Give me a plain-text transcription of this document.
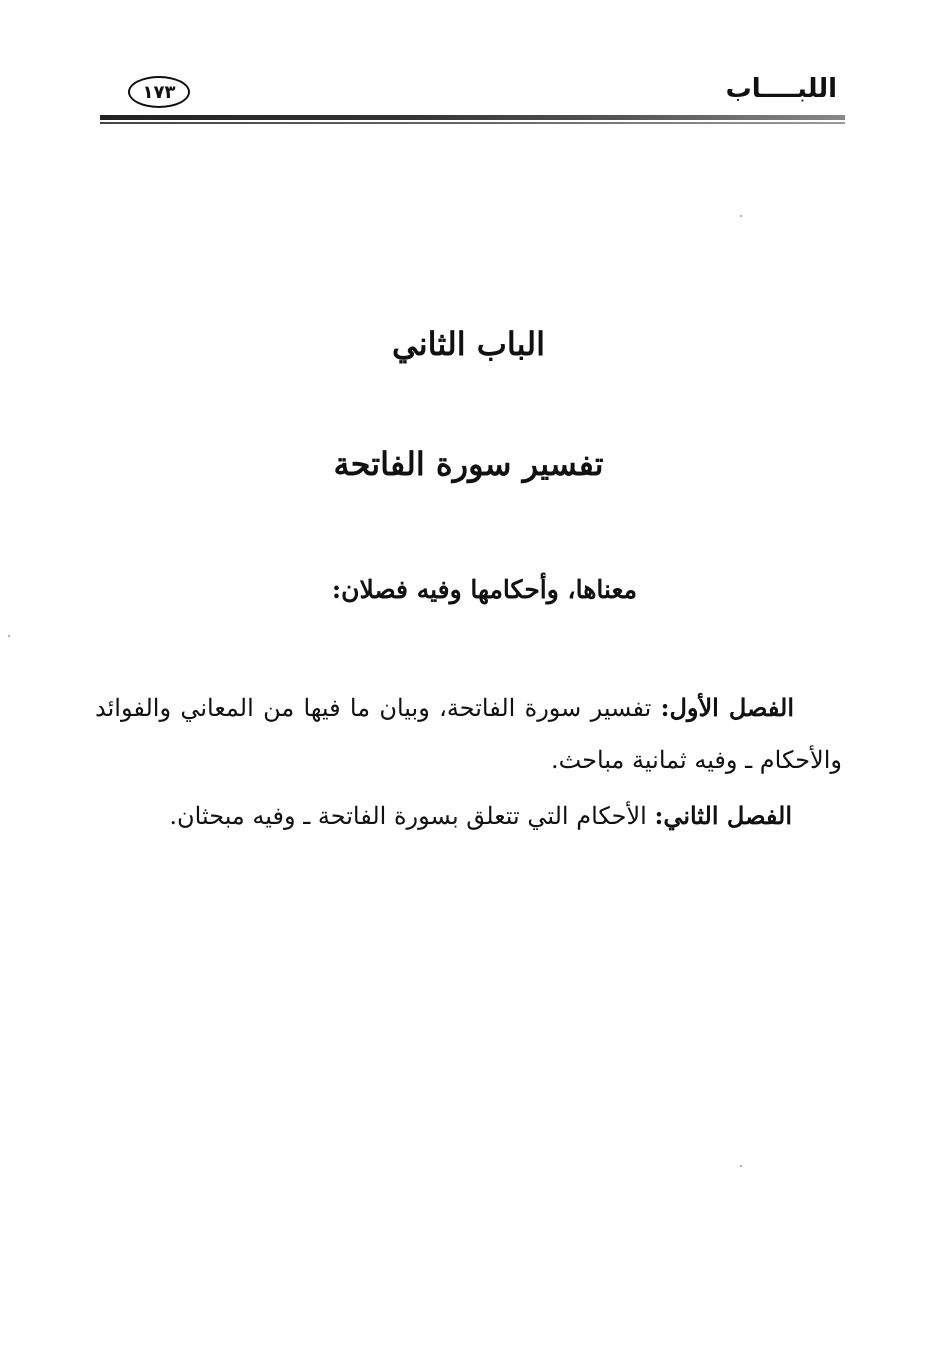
اللبــــاب
١٧٣
الباب الثاني
تفسير سورة الفاتحة
معناها، وأحكامها وفيه فصلان:
الفصل الأول: تفسير سورة الفاتحة، وبيان ما فيها من المعاني والفوائد والأحكام ـ وفيه ثمانية مباحث.
الفصل الثاني: الأحكام التي تتعلق بسورة الفاتحة ـ وفيه مبحثان.
